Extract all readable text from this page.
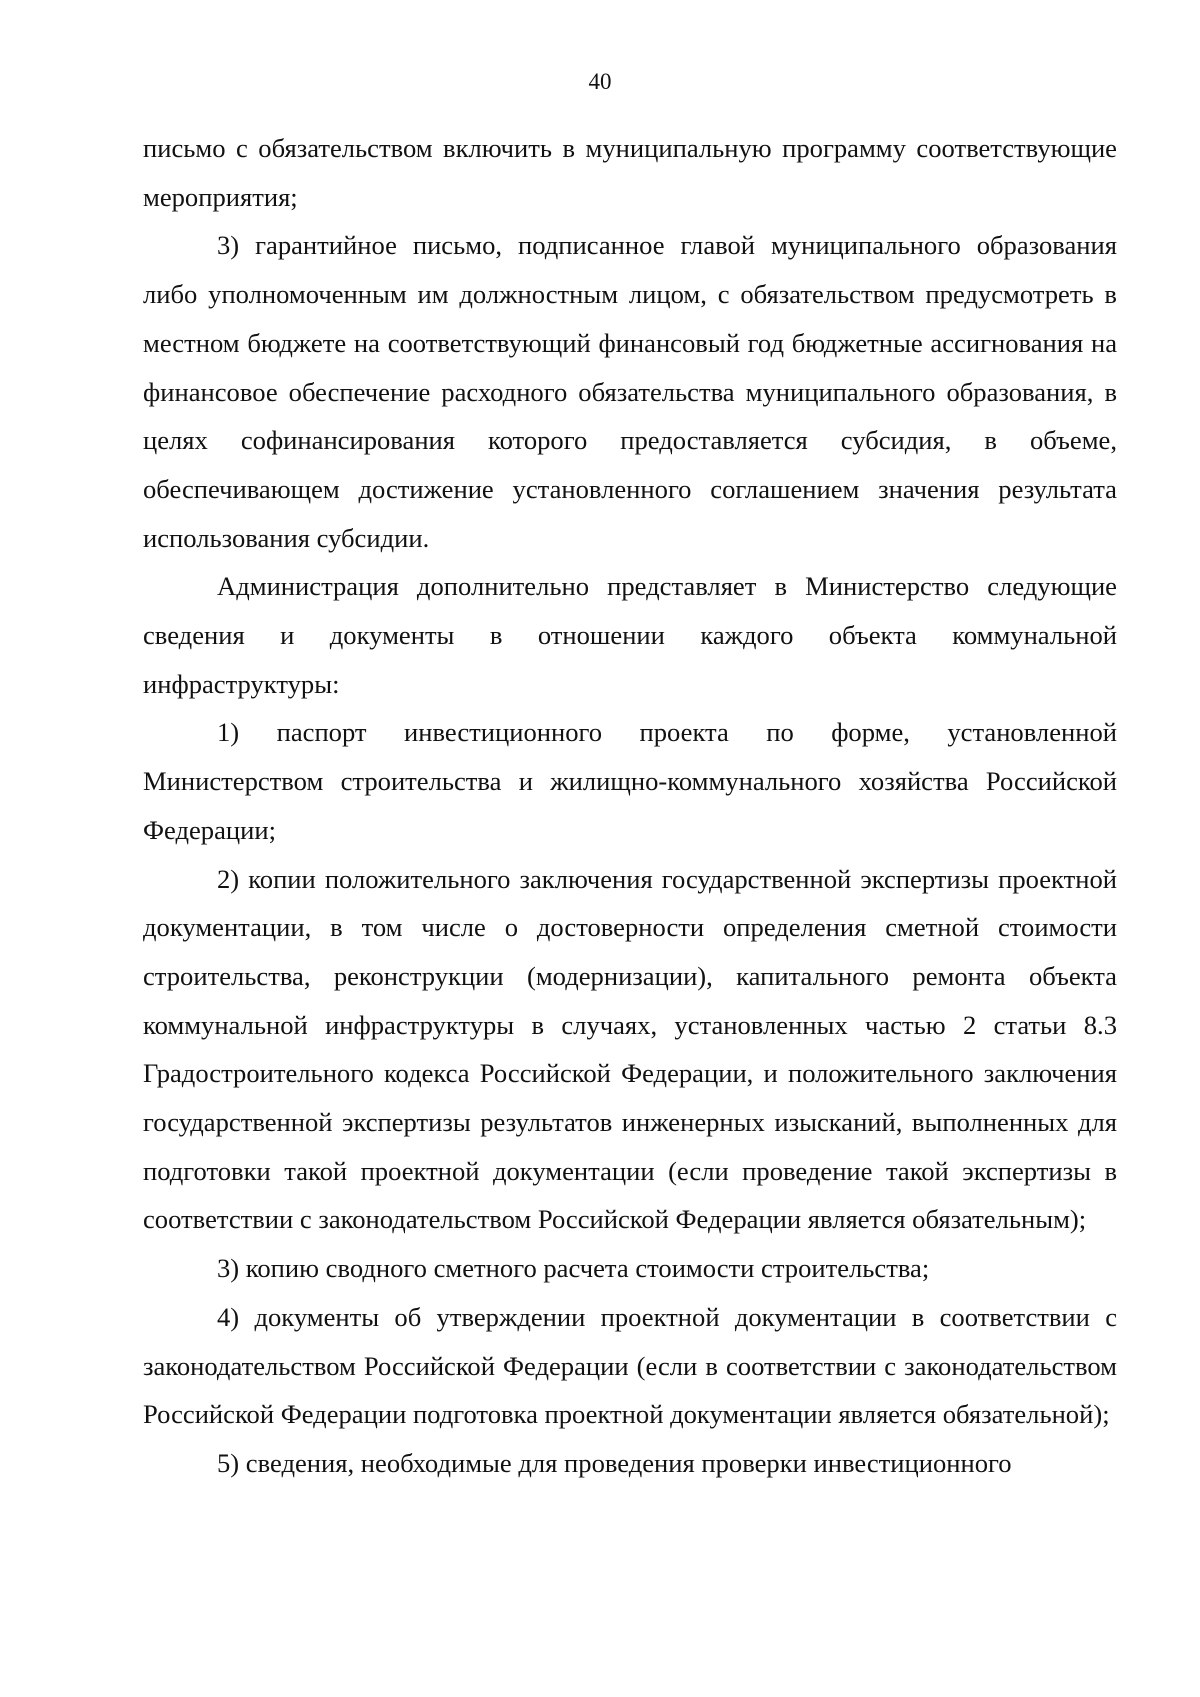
40

письмо с обязательством включить в муниципальную программу соответствующие мероприятия;

3) гарантийное письмо, подписанное главой муниципального образования либо уполномоченным им должностным лицом, с обязательством предусмотреть в местном бюджете на соответствующий финансовый год бюджетные ассигнования на финансовое обеспечение расходного обязательства муниципального образования, в целях софинансирования которого предоставляется субсидия, в объеме, обеспечивающем достижение установленного соглашением значения результата использования субсидии.

Администрация дополнительно представляет в Министерство следующие сведения и документы в отношении каждого объекта коммунальной инфраструктуры:

1) паспорт инвестиционного проекта по форме, установленной Министерством строительства и жилищно-коммунального хозяйства Российской Федерации;

2) копии положительного заключения государственной экспертизы проектной документации, в том числе о достоверности определения сметной стоимости строительства, реконструкции (модернизации), капитального ремонта объекта коммунальной инфраструктуры в случаях, установленных частью 2 статьи 8.3 Градостроительного кодекса Российской Федерации, и положительного заключения государственной экспертизы результатов инженерных изысканий, выполненных для подготовки такой проектной документации (если проведение такой экспертизы в соответствии с законодательством Российской Федерации является обязательным);

3) копию сводного сметного расчета стоимости строительства;

4) документы об утверждении проектной документации в соответствии с законодательством Российской Федерации (если в соответствии с законодательством Российской Федерации подготовка проектной документации является обязательной);

5) сведения, необходимые для проведения проверки инвестиционного
